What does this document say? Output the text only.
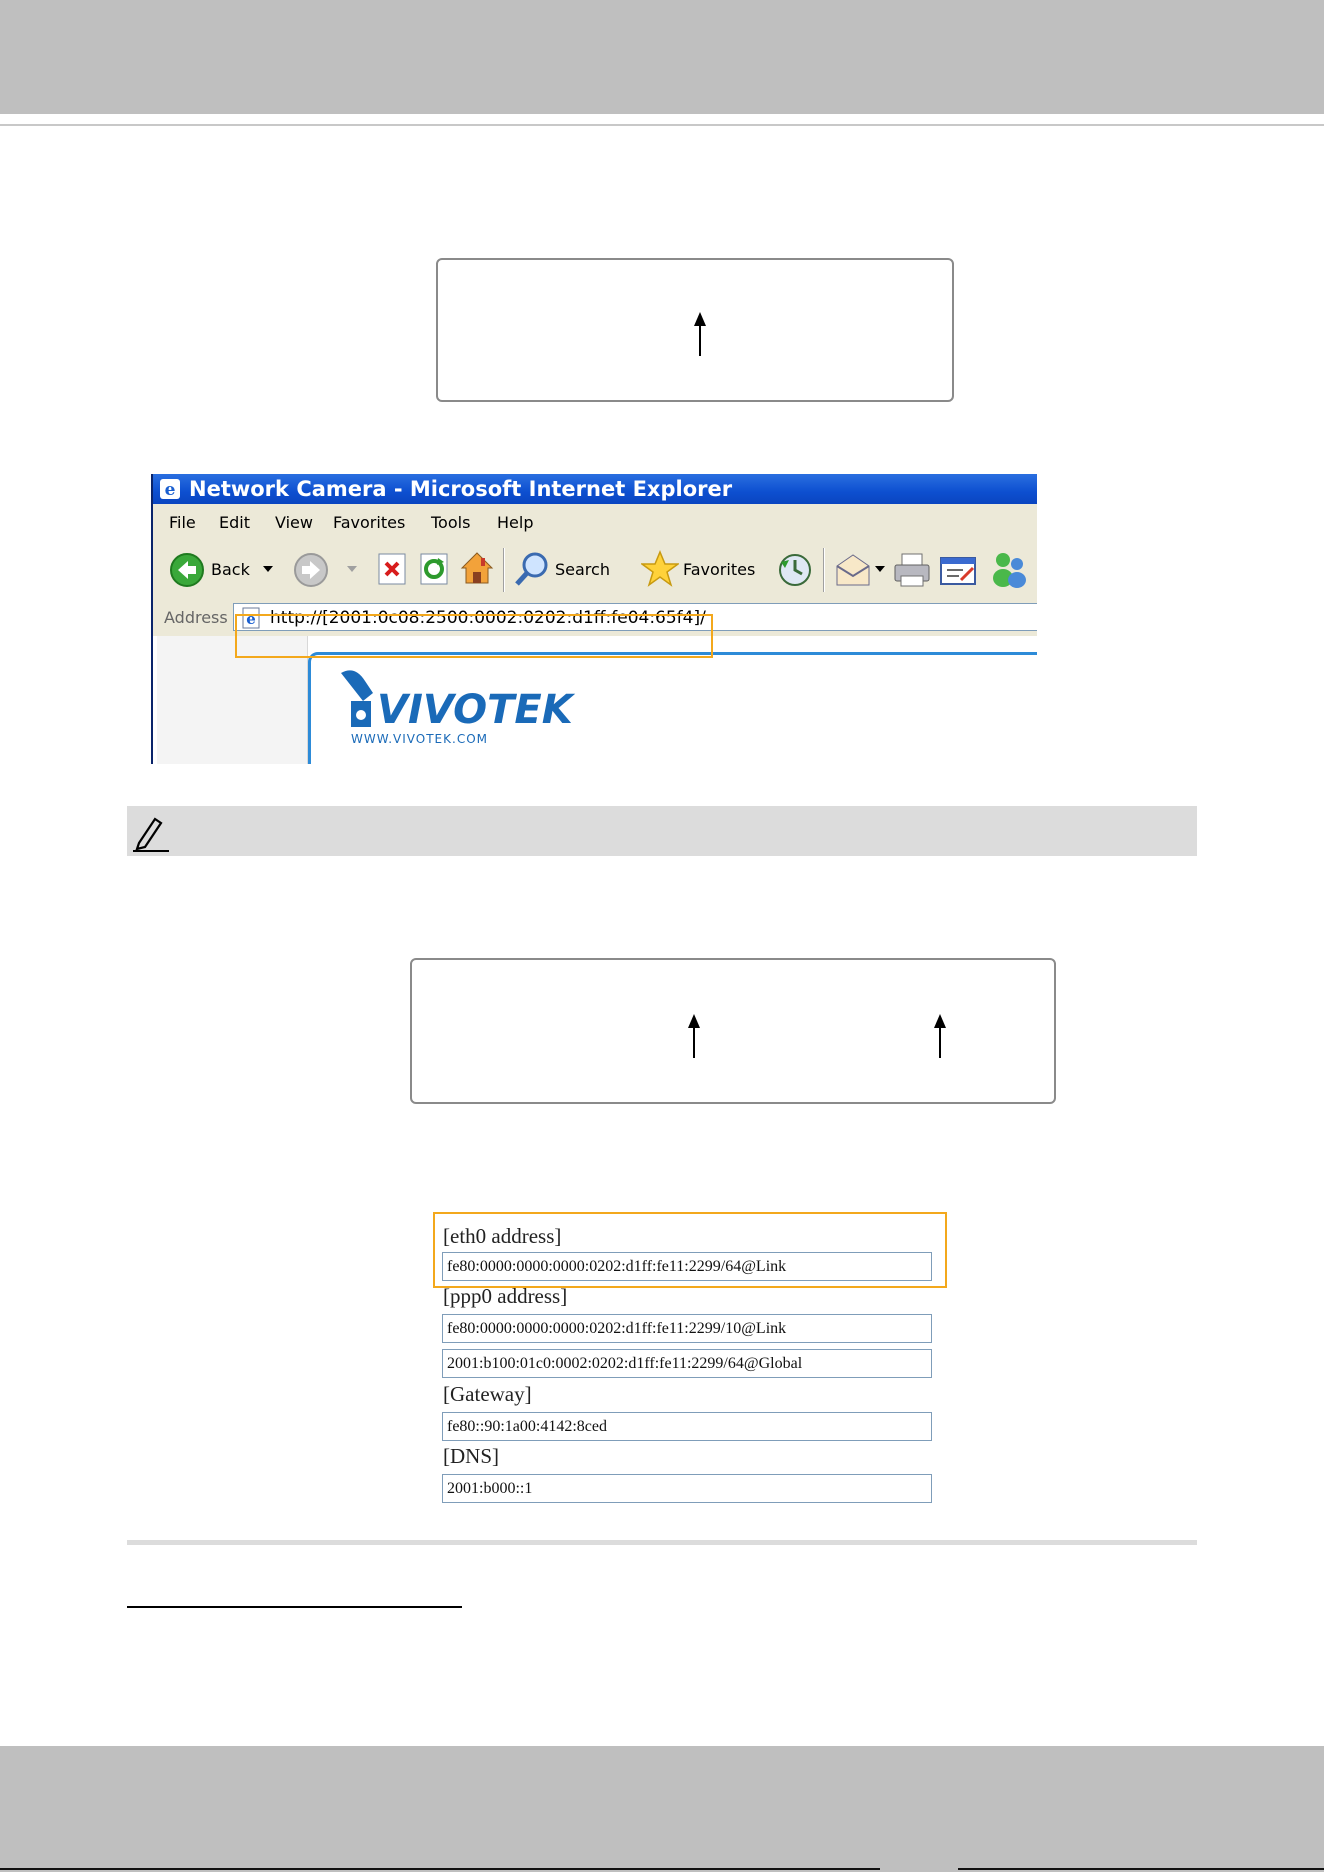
e Network Camera - Microsoft Internet Explorer
File Edit View Favorites Tools Help
Back	Search	Favorites
Address e http://[2001:0c08:2500:0002:0202:d1ff:fe04:65f4]/
VIVOTEK
WWW.VIVOTEK.COM
[eth0 address]
fe80:0000:0000:0000:0202:d1ff:fe11:2299/64@Link
[ppp0 address]
fe80:0000:0000:0000:0202:d1ff:fe11:2299/10@Link
2001:b100:01c0:0002:0202:d1ff:fe11:2299/64@Global
[Gateway]
fe80::90:1a00:4142:8ced
[DNS]
2001:b000::1
